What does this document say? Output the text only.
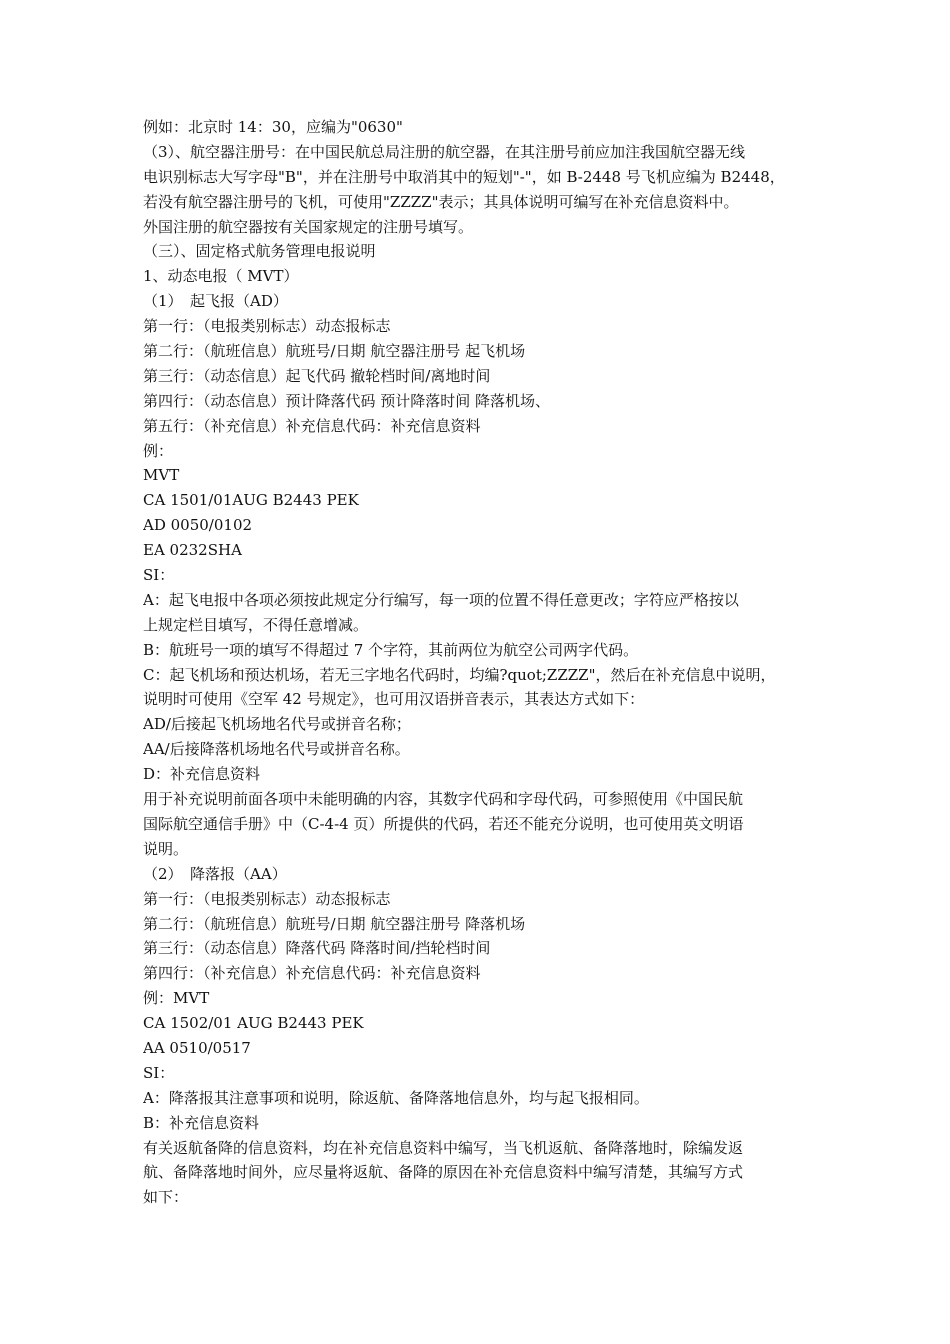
例如：北京时 14：30，应编为"0630"
（3）、航空器注册号：在中国民航总局注册的航空器，在其注册号前应加注我国航空器无线
电识别标志大写字母"B"，并在注册号中取消其中的短划"-"，如 B-2448 号飞机应编为 B2448，
若没有航空器注册号的飞机，可使用"ZZZZ"表示；其具体说明可编写在补充信息资料中。
外国注册的航空器按有关国家规定的注册号填写。
（三）、固定格式航务管理电报说明
1、动态电报（ MVT）
（1）　起飞报（AD）
第一行：（电报类别标志）动态报标志
第二行：（航班信息）航班号/日期 航空器注册号 起飞机场
第三行：（动态信息）起飞代码 撤轮档时间/离地时间
第四行：（动态信息）预计降落代码 预计降落时间 降落机场、
第五行：（补充信息）补充信息代码：补充信息资料
例：
MVT
CA 1501/01AUG B2443 PEK
AD 0050/0102
EA 0232SHA
SI：
A：起飞电报中各项必须按此规定分行编写，每一项的位置不得任意更改；字符应严格按以
上规定栏目填写，不得任意增减。
B：航班号一项的填写不得超过 7 个字符，其前两位为航空公司两字代码。
C：起飞机场和预达机场，若无三字地名代码时，均编?quot;ZZZZ"，然后在补充信息中说明，
说明时可使用《空军 42 号规定》，也可用汉语拼音表示，其表达方式如下：
AD/后接起飞机场地名代号或拼音名称；
AA/后接降落机场地名代号或拼音名称。
D：补充信息资料
用于补充说明前面各项中未能明确的内容，其数字代码和字母代码，可参照使用《中国民航
国际航空通信手册》中（C-4-4 页）所提供的代码，若还不能充分说明，也可使用英文明语
说明。
（2）　降落报（AA）
第一行：（电报类别标志）动态报标志
第二行：（航班信息）航班号/日期 航空器注册号 降落机场
第三行：（动态信息）降落代码 降落时间/挡轮档时间
第四行：（补充信息）补充信息代码：补充信息资料
例：MVT
CA 1502/01 AUG B2443 PEK
AA 0510/0517
SI：
A：降落报其注意事项和说明，除返航、备降落地信息外，均与起飞报相同。
B：补充信息资料
有关返航备降的信息资料，均在补充信息资料中编写，当飞机返航、备降落地时，除编发返
航、备降落地时间外，应尽量将返航、备降的原因在补充信息资料中编写清楚，其编写方式
如下：
